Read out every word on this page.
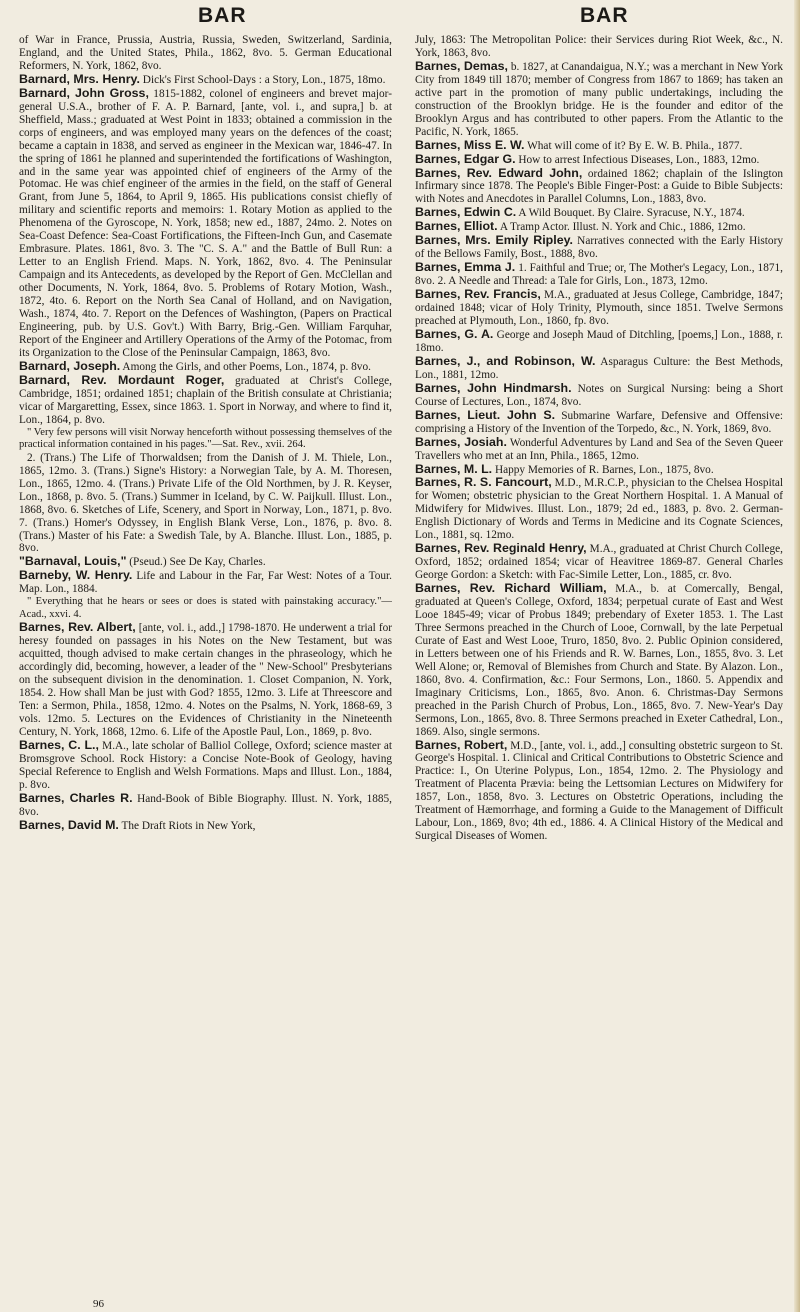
BAR	BAR

of War in France, Prussia, Austria, Russia, Sweden, Switzerland, Sardinia, England, and the United States, Phila., 1862, 8vo. 5. German Educational Reformers, N. York, 1862, 8vo.

Barnard, Mrs. Henry. Dick's First School-Days : a Story, Lon., 1875, 18mo.

Barnard, John Gross, 1815-1882, colonel of engineers and brevet major-general U.S.A., brother of F. A. P. Barnard, [ante, vol. i., and supra,] b. at Sheffield, Mass.; graduated at West Point in 1833; obtained a commission in the corps of engineers, and was employed many years on the defences of the coast; became a captain in 1838, and served as engineer in the Mexican war, 1846-47. In the spring of 1861 he planned and superintended the fortifications of Washington, and in the same year was appointed chief of engineers of the Army of the Potomac. He was chief engineer of the armies in the field, on the staff of General Grant, from June 5, 1864, to April 9, 1865. His publications consist chiefly of military and scientific reports and memoirs: 1. Rotary Motion as applied to the Phenomena of the Gyroscope, N. York, 1858; new ed., 1887, 24mo. 2. Notes on Sea-Coast Defence: Sea-Coast Fortifications, the Fifteen-Inch Gun, and Casemate Embrasure. Plates. 1861, 8vo. 3. The "C. S. A." and the Battle of Bull Run: a Letter to an English Friend. Maps. N. York, 1862, 8vo. 4. The Peninsular Campaign and its Antecedents, as developed by the Report of Gen. McClellan and other Documents, N. York, 1864, 8vo. 5. Problems of Rotary Motion, Wash., 1872, 4to. 6. Report on the North Sea Canal of Holland, and on Navigation, Wash., 1874, 4to. 7. Report on the Defences of Washington, (Papers on Practical Engineering, pub. by U.S. Gov't.) With Barry, Brig.-Gen. William Farquhar, Report of the Engineer and Artillery Operations of the Army of the Potomac, from its Organization to the Close of the Peninsular Campaign, 1863, 8vo.

Barnard, Joseph. Among the Girls, and other Poems, Lon., 1874, p. 8vo.

Barnard, Rev. Mordaunt Roger, graduated at Christ's College, Cambridge, 1851; ordained 1851; chaplain of the British consulate at Christiania; vicar of Margaretting, Essex, since 1863. 1. Sport in Norway, and where to find it, Lon., 1864, p. 8vo.

" Very few persons will visit Norway henceforth without possessing themselves of the practical information contained in his pages."—Sat. Rev., xvii. 264.

2. (Trans.) The Life of Thorwaldsen; from the Danish of J. M. Thiele, Lon., 1865, 12mo. 3. (Trans.) Signe's History: a Norwegian Tale, by A. M. Thoresen, Lon., 1865, 12mo. 4. (Trans.) Private Life of the Old Northmen, by J. R. Keyser, Lon., 1868, p. 8vo. 5. (Trans.) Summer in Iceland, by C. W. Paijkull. Illust. Lon., 1868, 8vo. 6. Sketches of Life, Scenery, and Sport in Norway, Lon., 1871, p. 8vo. 7. (Trans.) Homer's Odyssey, in English Blank Verse, Lon., 1876, p. 8vo. 8. (Trans.) Master of his Fate: a Swedish Tale, by A. Blanche. Illust. Lon., 1885, p. 8vo.

"Barnaval, Louis," (Pseud.) See De Kay, Charles.

Barneby, W. Henry. Life and Labour in the Far, Far West: Notes of a Tour. Map. Lon., 1884.

" Everything that he hears or sees or does is stated with painstaking accuracy."—Acad., xxvi. 4.

Barnes, Rev. Albert, [ante, vol. i., add.,] 1798-1870. He underwent a trial for heresy founded on passages in his Notes on the New Testament, but was acquitted, though advised to make certain changes in the phraseology, which he accordingly did, becoming, however, a leader of the " New-School" Presbyterians on the subsequent division in the denomination. 1. Closet Companion, N. York, 1854. 2. How shall Man be just with God? 1855, 12mo. 3. Life at Threescore and Ten: a Sermon, Phila., 1858, 12mo. 4. Notes on the Psalms, N. York, 1868-69, 3 vols. 12mo. 5. Lectures on the Evidences of Christianity in the Nineteenth Century, N. York, 1868, 12mo. 6. Life of the Apostle Paul, Lon., 1869, p. 8vo.

Barnes, C. L., M.A., late scholar of Balliol College, Oxford; science master at Bromsgrove School. Rock History: a Concise Note-Book of Geology, having Special Reference to English and Welsh Formations. Maps and Illust. Lon., 1884, p. 8vo.

Barnes, Charles R. Hand-Book of Bible Biography. Illust. N. York, 1885, 8vo.

Barnes, David M. The Draft Riots in New York,

July, 1863: The Metropolitan Police: their Services during Riot Week, &c., N. York, 1863, 8vo.

Barnes, Demas, b. 1827, at Canandaigua, N.Y.; was a merchant in New York City from 1849 till 1870; member of Congress from 1867 to 1869; has taken an active part in the promotion of many public undertakings, including the construction of the Brooklyn bridge. He is the founder and editor of the Brooklyn Argus and has contributed to other papers. From the Atlantic to the Pacific, N. York, 1865.

Barnes, Miss E. W. What will come of it? By E. W. B. Phila., 1877.

Barnes, Edgar G. How to arrest Infectious Diseases, Lon., 1883, 12mo.

Barnes, Rev. Edward John, ordained 1862; chaplain of the Islington Infirmary since 1878. The People's Bible Finger-Post: a Guide to Bible Subjects: with Notes and Anecdotes in Parallel Columns, Lon., 1883, 8vo.

Barnes, Edwin C. A Wild Bouquet. By Claire. Syracuse, N.Y., 1874.

Barnes, Elliot. A Tramp Actor. Illust. N. York and Chic., 1886, 12mo.

Barnes, Mrs. Emily Ripley. Narratives connected with the Early History of the Bellows Family, Bost., 1888, 8vo.

Barnes, Emma J. 1. Faithful and True; or, The Mother's Legacy, Lon., 1871, 8vo. 2. A Needle and Thread: a Tale for Girls, Lon., 1873, 12mo.

Barnes, Rev. Francis, M.A., graduated at Jesus College, Cambridge, 1847; ordained 1848; vicar of Holy Trinity, Plymouth, since 1851. Twelve Sermons preached at Plymouth, Lon., 1860, fp. 8vo.

Barnes, G. A. George and Joseph Maud of Ditchling, [poems,] Lon., 1888, r. 18mo.

Barnes, J., and Robinson, W. Asparagus Culture: the Best Methods, Lon., 1881, 12mo.

Barnes, John Hindmarsh. Notes on Surgical Nursing: being a Short Course of Lectures, Lon., 1874, 8vo.

Barnes, Lieut. John S. Submarine Warfare, Defensive and Offensive: comprising a History of the Invention of the Torpedo, &c., N. York, 1869, 8vo.

Barnes, Josiah. Wonderful Adventures by Land and Sea of the Seven Queer Travellers who met at an Inn, Phila., 1865, 12mo.

Barnes, M. L. Happy Memories of R. Barnes, Lon., 1875, 8vo.

Barnes, R. S. Fancourt, M.D., M.R.C.P., physician to the Chelsea Hospital for Women; obstetric physician to the Great Northern Hospital. 1. A Manual of Midwifery for Midwives. Illust. Lon., 1879; 2d ed., 1883, p. 8vo. 2. German-English Dictionary of Words and Terms in Medicine and its Cognate Sciences, Lon., 1881, sq. 12mo.

Barnes, Rev. Reginald Henry, M.A., graduated at Christ Church College, Oxford, 1852; ordained 1854; vicar of Heavitree 1869-87. General Charles George Gordon: a Sketch: with Fac-Simile Letter, Lon., 1885, cr. 8vo.

Barnes, Rev. Richard William, M.A., b. at Comercally, Bengal, graduated at Queen's College, Oxford, 1834; perpetual curate of East and West Looe 1845-49; vicar of Probus 1849; prebendary of Exeter 1853. 1. The Last Three Sermons preached in the Church of Looe, Cornwall, by the late Perpetual Curate of East and West Looe, Truro, 1850, 8vo. 2. Public Opinion considered, in Letters between one of his Friends and R. W. Barnes, Lon., 1855, 8vo. 3. Let Well Alone; or, Removal of Blemishes from Church and State. By Alazon. Lon., 1860, 8vo. 4. Confirmation, &c.: Four Sermons, Lon., 1860. 5. Appendix and Imaginary Criticisms, Lon., 1865, 8vo. Anon. 6. Christmas-Day Sermons preached in the Parish Church of Probus, Lon., 1865, 8vo. 7. New-Year's Day Sermons, Lon., 1865, 8vo. 8. Three Sermons preached in Exeter Cathedral, Lon., 1869. Also, single sermons.

Barnes, Robert, M.D., [ante, vol. i., add.,] consulting obstetric surgeon to St. George's Hospital. 1. Clinical and Critical Contributions to Obstetric Science and Practice: I., On Uterine Polypus, Lon., 1854, 12mo. 2. The Physiology and Treatment of Placenta Prævia: being the Lettsomian Lectures on Midwifery for 1857, Lon., 1858, 8vo. 3. Lectures on Obstetric Operations, including the Treatment of Hæmorrhage, and forming a Guide to the Management of Difficult Labour, Lon., 1869, 8vo; 4th ed., 1886. 4. A Clinical History of the Medical and Surgical Diseases of Women.

96
